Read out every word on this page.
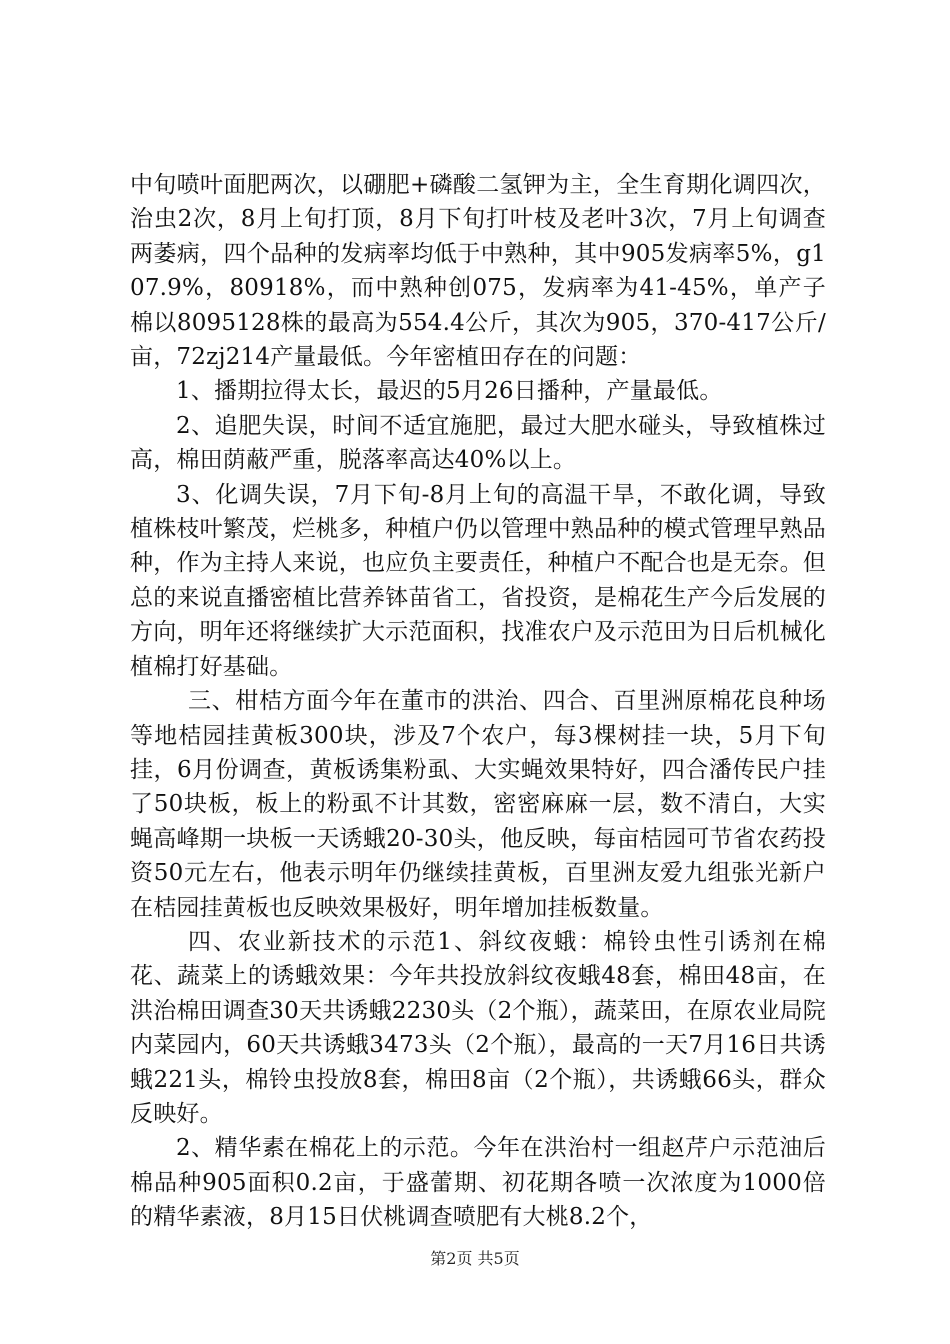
中旬喷叶面肥两次，以硼肥+磷酸二氢钾为主，全生育期化调四次，治虫2次，8月上旬打顶，8月下旬打叶枝及老叶3次，7月上旬调查两萎病，四个品种的发病率均低于中熟种，其中905发病率5%，g107.9%，80918%，而中熟种创075，发病率为41-45%，单产子棉以8095128株的最高为554.4公斤，其次为905，370-417公斤/亩，72zj214产量最低。今年密植田存在的问题：

1、播期拉得太长，最迟的5月26日播种，产量最低。

2、追肥失误，时间不适宜施肥，最过大肥水碰头，导致植株过高，棉田荫蔽严重，脱落率高达40%以上。

3、化调失误，7月下旬-8月上旬的高温干旱，不敢化调，导致植株枝叶繁茂，烂桃多，种植户仍以管理中熟品种的模式管理早熟品种，作为主持人来说，也应负主要责任，种植户不配合也是无奈。但总的来说直播密植比营养钵苗省工，省投资，是棉花生产今后发展的方向，明年还将继续扩大示范面积，找准农户及示范田为日后机械化植棉打好基础。

三、柑桔方面今年在董市的洪治、四合、百里洲原棉花良种场等地桔园挂黄板300块，涉及7个农户，每3棵树挂一块，5月下旬挂，6月份调查，黄板诱集粉虱、大实蝇效果特好，四合潘传民户挂了50块板，板上的粉虱不计其数，密密麻麻一层，数不清白，大实蝇高峰期一块板一天诱蛾20-30头，他反映，每亩桔园可节省农药投资50元左右，他表示明年仍继续挂黄板，百里洲友爱九组张光新户在桔园挂黄板也反映效果极好，明年增加挂板数量。

四、农业新技术的示范1、斜纹夜蛾：棉铃虫性引诱剂在棉花、蔬菜上的诱蛾效果：今年共投放斜纹夜蛾48套，棉田48亩，在洪治棉田调查30天共诱蛾2230头（2个瓶），蔬菜田，在原农业局院内菜园内，60天共诱蛾3473头（2个瓶），最高的一天7月16日共诱蛾221头，棉铃虫投放8套，棉田8亩（2个瓶），共诱蛾66头，群众反映好。

2、精华素在棉花上的示范。今年在洪治村一组赵芹户示范油后棉品种905面积0.2亩，于盛蕾期、初花期各喷一次浓度为1000倍的精华素液，8月15日伏桃调查喷肥有大桃8.2个，

第2页 共5页
